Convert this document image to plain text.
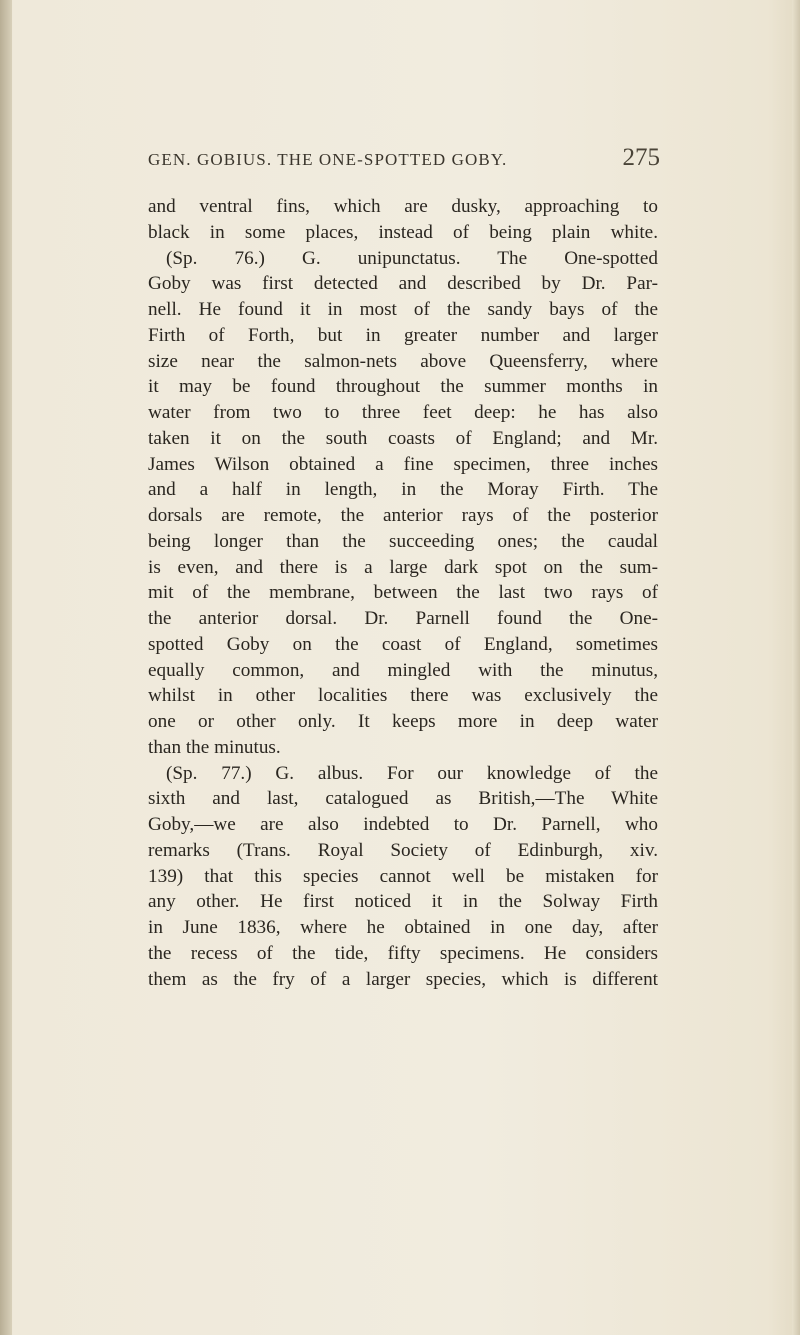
GEN. GOBIUS. THE ONE-SPOTTED GOBY.	275
and ventral fins, which are dusky, approaching to
black in some places, instead of being plain white.
(Sp. 76.) G. unipunctatus. The One-spotted
Goby was first detected and described by Dr. Par-
nell. He found it in most of the sandy bays of the
Firth of Forth, but in greater number and larger
size near the salmon-nets above Queensferry, where
it may be found throughout the summer months in
water from two to three feet deep: he has also
taken it on the south coasts of England; and Mr.
James Wilson obtained a fine specimen, three inches
and a half in length, in the Moray Firth. The
dorsals are remote, the anterior rays of the posterior
being longer than the succeeding ones; the caudal
is even, and there is a large dark spot on the sum-
mit of the membrane, between the last two rays of
the anterior dorsal. Dr. Parnell found the One-
spotted Goby on the coast of England, sometimes
equally common, and mingled with the minutus,
whilst in other localities there was exclusively the
one or other only. It keeps more in deep water
than the minutus.
(Sp. 77.) G. albus. For our knowledge of the
sixth and last, catalogued as British,—The White
Goby,—we are also indebted to Dr. Parnell, who
remarks (Trans. Royal Society of Edinburgh, xiv.
139) that this species cannot well be mistaken for
any other. He first noticed it in the Solway Firth
in June 1836, where he obtained in one day, after
the recess of the tide, fifty specimens. He considers
them as the fry of a larger species, which is different
